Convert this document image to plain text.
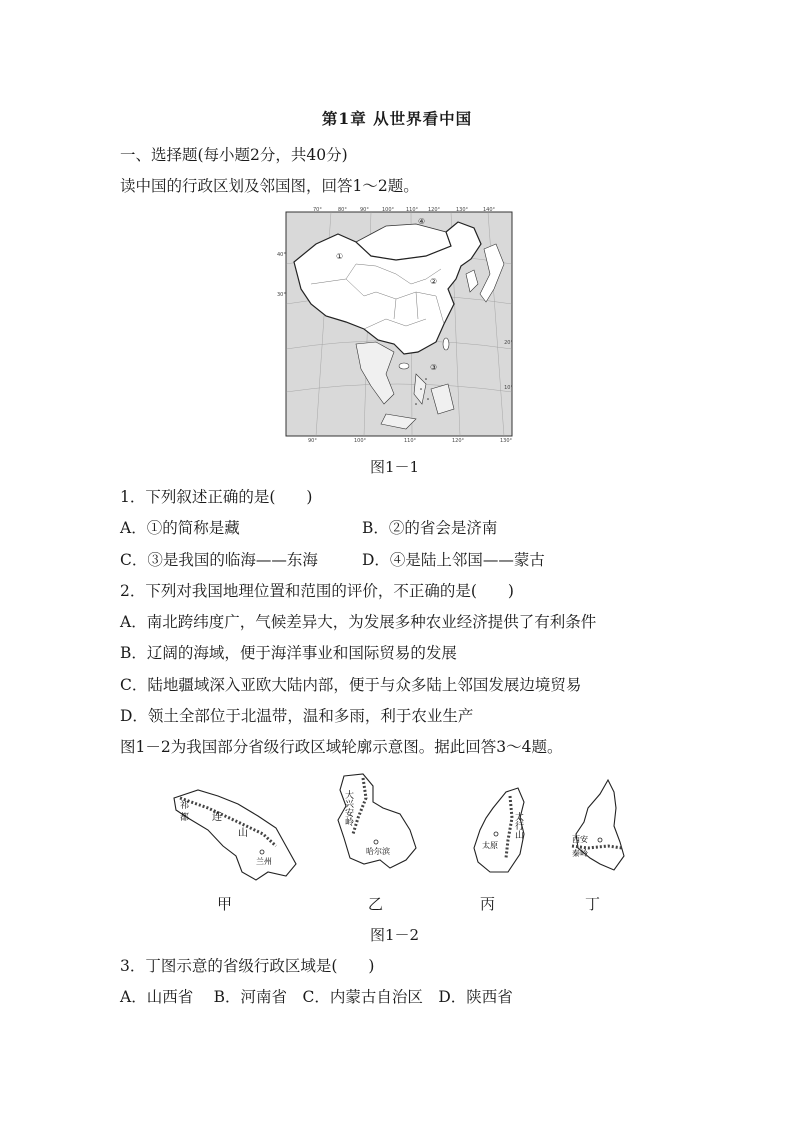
第1章 从世界看中国
一、选择题(每小题2分，共40分)
读中国的行政区划及邻国图，回答1～2题。
70°	80°	90°	100° 110° 120°	130°	140°
90°	100°	110°	120°	130°
40°
30°
20°
10°
①
②
③
④
图1－1
1．下列叙述正确的是(　　)
A．①的简称是藏	B．②的省会是济南
C．③是我国的临海——东海	D．④是陆上邻国——蒙古
2．下列对我国地理位置和范围的评价，不正确的是(　　)
A．南北跨纬度广，气候差异大，为发展多种农业经济提供了有利条件
B．辽阔的海域，便于海洋事业和国际贸易的发展
C．陆地疆域深入亚欧大陆内部，便于与众多陆上邻国发展边境贸易
D．领土全部位于北温带，温和多雨，利于农业生产
图1－2为我国部分省级行政区域轮廓示意图。据此回答3～4题。
祁
都 连
山
兰州
大兴安岭
哈尔滨
太行山
太原
西安
秦岭
甲	乙	丙	丁
图1－2
3．丁图示意的省级行政区域是(　　)
A．山西省　 B．河南省　C．内蒙古自治区　D．陕西省
